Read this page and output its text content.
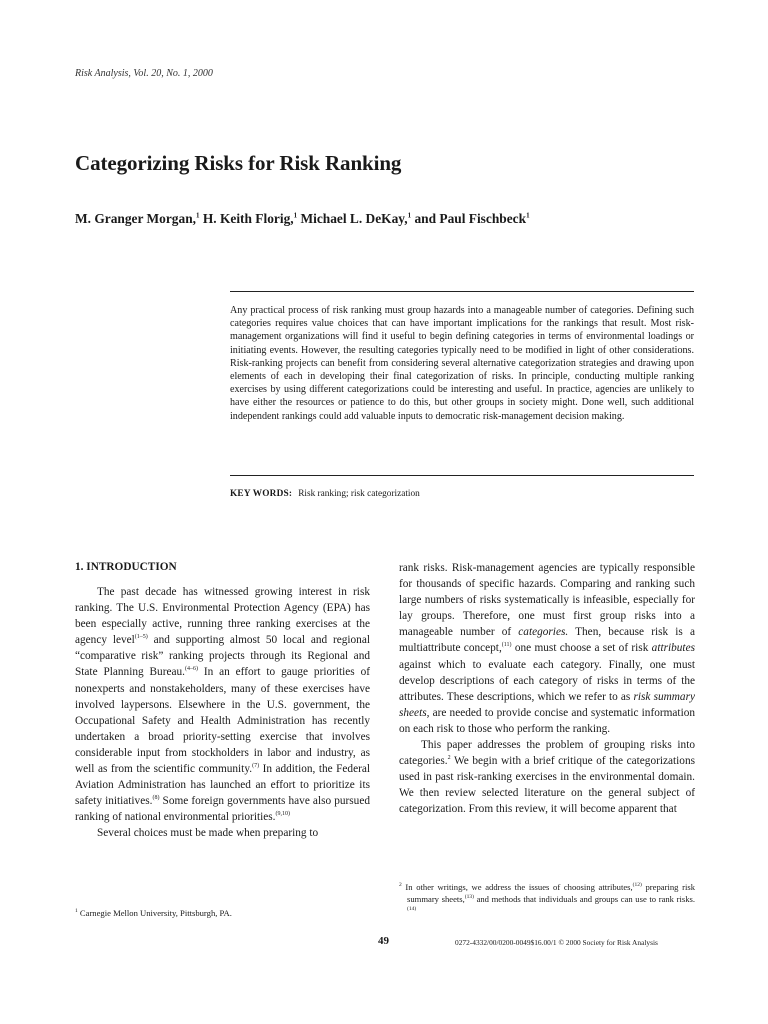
Risk Analysis, Vol. 20, No. 1, 2000
Categorizing Risks for Risk Ranking

M. Granger Morgan,$^1$ H. Keith Florig,$^1$ Michael L. DeKay,$^1$ and Paul Fischbeck$^1$

Any practical process of risk ranking must group hazards into a manageable number of categories. Defining such categories requires value choices that can have important implications for the rankings that result. Most risk-management organizations will find it useful to begin defining categories in terms of environmental loadings or initiating events. However, the resulting categories typically need to be modified in light of other considerations. Risk-ranking projects can benefit from considering several alternative categorization strategies and drawing upon elements of each in developing their final categorization of risks. In principle, conducting multiple ranking exercises by using different categorizations could be interesting and useful. In practice, agencies are unlikely to have either the resources or patience to do this, but other groups in society might. Done well, such additional independent rankings could add valuable inputs to democratic risk-management decision making.

KEY WORDS: Risk ranking; risk categorization

1. INTRODUCTION

The past decade has witnessed growing interest in risk ranking. The U.S. Environmental Protection Agency (EPA) has been especially active, running three ranking exercises at the agency level$^{(1-5)}$ and supporting almost 50 local and regional “comparative risk” ranking projects through its Regional and State Planning Bureau.$^{(4-6)}$ In an effort to gauge priorities of nonexperts and nonstakeholders, many of these exercises have involved laypersons. Elsewhere in the U.S. government, the Occupational Safety and Health Administration has recently undertaken a broad priority-setting exercise that involves considerable input from stockholders in labor and industry, as well as from the scientific community.$^{(7)}$ In addition, the Federal Aviation Administration has launched an effort to prioritize its safety initiatives.$^{(8)}$ Some foreign governments have also pursued ranking of national environmental priorities.$^{(9,10)}$

Several choices must be made when preparing to

rank risks. Risk-management agencies are typically responsible for thousands of specific hazards. Comparing and ranking such large numbers of risks systematically is infeasible, especially for lay groups. Therefore, one must first group risks into a manageable number of categories. Then, because risk is a multiattribute concept,$^{(11)}$ one must choose a set of risk attributes against which to evaluate each category. Finally, one must develop descriptions of each category of risks in terms of the attributes. These descriptions, which we refer to as risk summary sheets, are needed to provide concise and systematic information on each risk to those who perform the ranking.

This paper addresses the problem of grouping risks into categories.$^2$ We begin with a brief critique of the categorizations used in past risk-ranking exercises in the environmental domain. We then review selected literature on the general subject of categorization. From this review, it will become apparent that

$^2$ In other writings, we address the issues of choosing attributes,$^{(12)}$ preparing risk summary sheets,$^{(13)}$ and methods that individuals and groups can use to rank risks.$^{(14)}$

$^1$ Carnegie Mellon University, Pittsburgh, PA.
49	0272-4332/00/0200-0049$16.00/1 © 2000 Society for Risk Analysis
